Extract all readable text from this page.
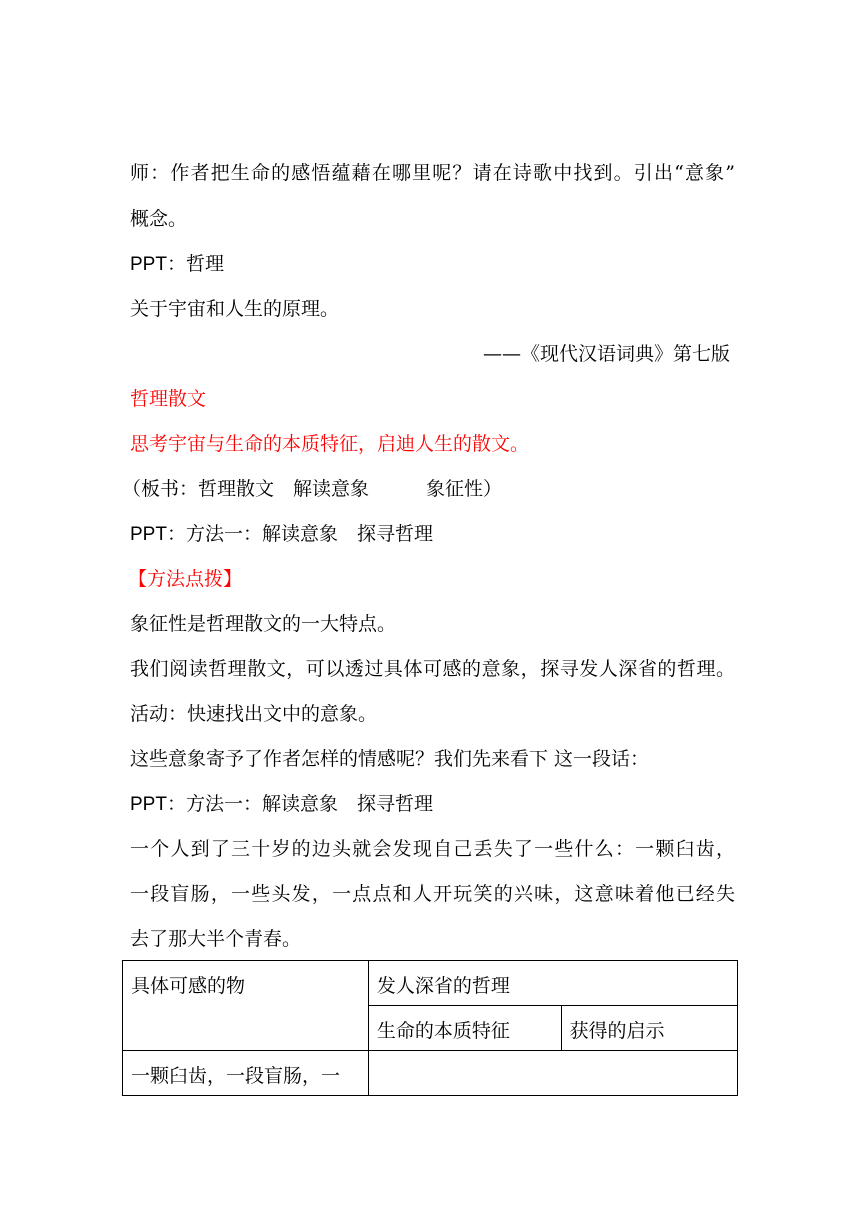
师：作者把生命的感悟蕴藉在哪里呢？请在诗歌中找到。引出“意象”
概念。
PPT：哲理
关于宇宙和人生的原理。
——《现代汉语词典》第七版
哲理散文
思考宇宙与生命的本质特征，启迪人生的散文。
（板书：哲理散文　解读意象　　　象征性）
PPT：方法一：解读意象　探寻哲理
【方法点拨】
象征性是哲理散文的一大特点。
我们阅读哲理散文，可以透过具体可感的意象，探寻发人深省的哲理。
活动：快速找出文中的意象。
这些意象寄予了作者怎样的情感呢？我们先来看下 这一段话：
PPT：方法一：解读意象　探寻哲理
一个人到了三十岁的边头就会发现自己丢失了一些什么：一颗臼齿，
一段盲肠，一些头发，一点点和人开玩笑的兴味，这意味着他已经失
去了那大半个青春。
具体可感的物	发人深省的哲理	
	生命的本质特征	获得的启示
一颗臼齿，一段盲肠，一		
